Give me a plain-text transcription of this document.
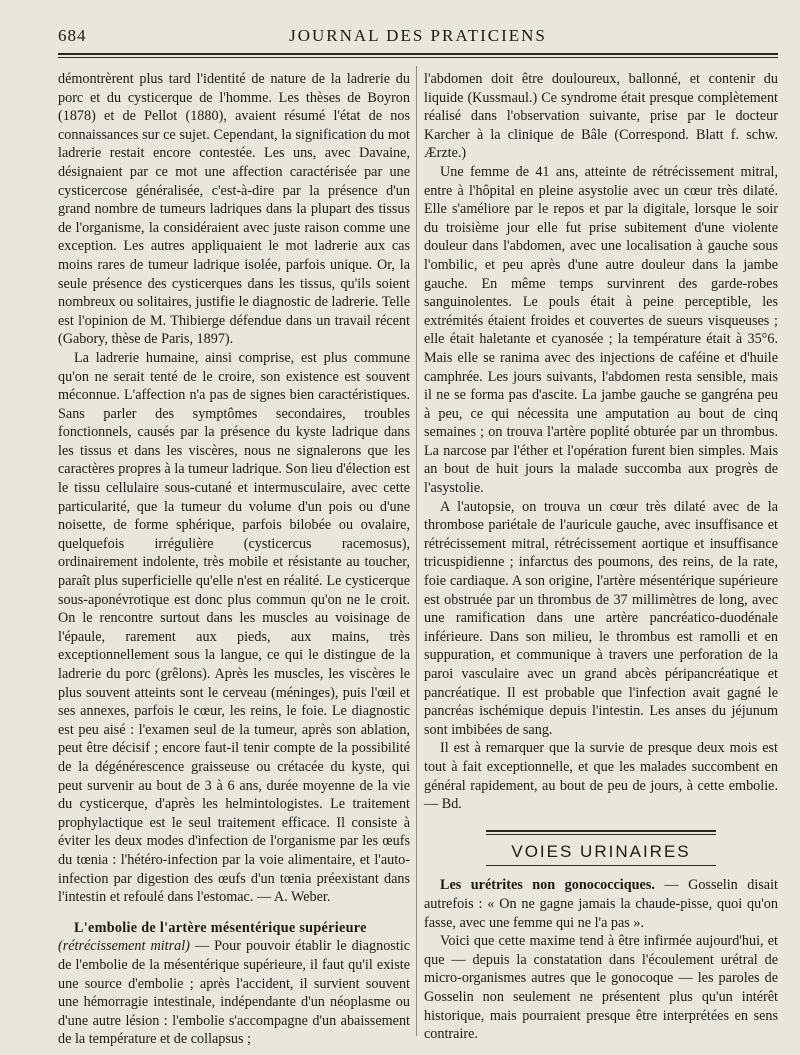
684	JOURNAL DES PRATICIENS

démontrèrent plus tard l'identité de nature de la ladrerie du porc et du cysticerque de l'homme. Les thèses de Boyron (1878) et de Pellot (1880), avaient résumé l'état de nos connaissances sur ce sujet. Cependant, la signification du mot ladrerie restait encore contestée. Les uns, avec Davaine, désignaient par ce mot une affection caractérisée par une cysticercose généralisée, c'est-à-dire par la présence d'un grand nombre de tumeurs ladriques dans la plupart des tissus de l'organisme, la considéraient avec juste raison comme une exception. Les autres appliquaient le mot ladrerie aux cas moins rares de tumeur ladrique isolée, parfois unique. Or, la seule présence des cysticerques dans les tissus, qu'ils soient nombreux ou solitaires, justifie le diagnostic de ladrerie. Telle est l'opinion de M. Thibierge défendue dans un travail récent (Gabory, thèse de Paris, 1897).

La ladrerie humaine, ainsi comprise, est plus commune qu'on ne serait tenté de le croire, son existence est souvent méconnue. L'affection n'a pas de signes bien caractéristiques. Sans parler des symptômes secondaires, troubles fonctionnels, causés par la présence du kyste ladrique dans les tissus et dans les viscères, nous ne signalerons que les caractères propres à la tumeur ladrique. Son lieu d'élection est le tissu cellulaire sous-cutané et intermusculaire, avec cette particularité, que la tumeur du volume d'un pois ou d'une noisette, de forme sphérique, parfois bilobée ou ovalaire, quelquefois irrégulière (cysticercus racemosus), ordinairement indolente, très mobile et résistante au toucher, paraît plus superficielle qu'elle n'est en réalité. Le cysticerque sous-aponévrotique est donc plus commun qu'on ne le croit. On le rencontre surtout dans les muscles au voisinage de l'épaule, rarement aux pieds, aux mains, très exceptionnellement sous la langue, ce qui le distingue de la ladrerie du porc (grêlons). Après les muscles, les viscères le plus souvent atteints sont le cerveau (méninges), puis l'œil et ses annexes, parfois le cœur, les reins, le foie. Le diagnostic est peu aisé : l'examen seul de la tumeur, après son ablation, peut être décisif ; encore faut-il tenir compte de la possibilité de la dégénérescence graisseuse ou crétacée du kyste, qui peut survenir au bout de 3 à 6 ans, durée moyenne de la vie du cysticerque, d'après les helmintologistes. Le traitement prophylactique est le seul traitement efficace. Il consiste à éviter les deux modes d'infection de l'organisme par les œufs du tœnia : l'hétéro-infection par la voie alimentaire, et l'auto-infection par digestion des œufs d'un tœnia préexistant dans l'intestin et refoulé dans l'estomac. — A. Weber.

L'embolie de l'artère mésentérique supérieure
(rétrécissement mitral) — Pour pouvoir établir le diagnostic de l'embolie de la mésentérique supérieure, il faut qu'il existe une source d'embolie ; après l'accident, il survient souvent une hémorragie intestinale, indépendante d'un néoplasme ou d'une autre lésion : l'embolie s'accompagne d'un abaissement de la température et de collapsus ;

l'abdomen doit être douloureux, ballonné, et contenir du liquide (Kussmaul.) Ce syndrome était presque complètement réalisé dans l'observation suivante, prise par le docteur Karcher à la clinique de Bâle (Correspond. Blatt f. schw. Ærzte.)

Une femme de 41 ans, atteinte de rétrécissement mitral, entre à l'hôpital en pleine asystolie avec un cœur très dilaté. Elle s'améliore par le repos et par la digitale, lorsque le soir du troisième jour elle fut prise subitement d'une violente douleur dans l'abdomen, avec une localisation à gauche sous l'ombilic, et peu après d'une autre douleur dans la jambe gauche. En même temps survinrent des garde-robes sanguinolentes. Le pouls était à peine perceptible, les extrémités étaient froides et couvertes de sueurs visqueuses ; elle était haletante et cyanosée ; la température était à 35°6. Mais elle se ranima avec des injections de caféine et d'huile camphrée. Les jours suivants, l'abdomen resta sensible, mais il ne se forma pas d'ascite. La jambe gauche se gangréna peu à peu, ce qui nécessita une amputation au bout de cinq semaines ; on trouva l'artère poplité obturée par un thrombus. La narcose par l'éther et l'opération furent bien simples. Mais an bout de huit jours la malade succomba aux progrès de l'asystolie.

A l'autopsie, on trouva un cœur très dilaté avec de la thrombose pariétale de l'auricule gauche, avec insuffisance et rétrécissement mitral, rétrécissement aortique et insuffisance tricuspidienne ; infarctus des poumons, des reins, de la rate, foie cardiaque. A son origine, l'artère mésentérique supérieure est obstruée par un thrombus de 37 millimètres de long, avec une ramification dans une artère pancréatico-duodénale inférieure. Dans son milieu, le thrombus est ramolli et en suppuration, et communique à travers une perforation de la paroi vasculaire avec un grand abcès péripancréatique et pancréatique. Il est probable que l'infection avait gagné le pancréas ischémique depuis l'intestin. Les anses du jéjunum sont imbibées de sang.

Il est à remarquer que la survie de presque deux mois est tout à fait exceptionnelle, et que les malades succombent en général rapidement, au bout de peu de jours, à cette embolie. — Bd.

VOIES URINAIRES

Les urétrites non gonococciques. — Gosselin disait autrefois : « On ne gagne jamais la chaude-pisse, quoi qu'on fasse, avec une femme qui ne l'a pas ».

Voici que cette maxime tend à être infirmée aujourd'hui, et que — depuis la constatation dans l'écoulement urétral de micro-organismes autres que le gonocoque — les paroles de Gosselin non seulement ne présentent plus qu'un intérêt historique, mais pourraient presque être interprétées en sens contraire.
